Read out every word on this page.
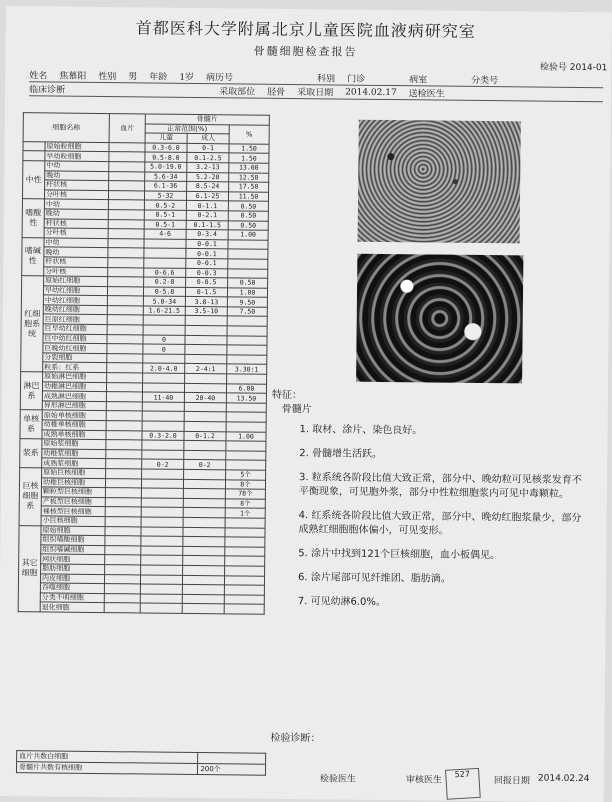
首都医科大学附属北京儿童医院血液病研究室
骨髓细胞检查报告
检验号 2014-01
姓名 焦慕阳 性别 男 年龄 1岁 病历号	科别 门诊	病室	分类号
临床诊断	采取部位 胫骨 采取日期 2014.02.17 送检医生
细胞名称		血片	骨髓片		
			正常范围(%)		%
			儿童	成人	
	原始粒细胞		0.3-6.0	0-1	1.50
	早幼粒细胞		0.5-8.0	0.1-2.5	1.50
中性	中幼		5.0-19.0	3.2-13	13.00
	晚幼		5.6-34	5.2-20	12.50
	杆状核		6.1-36	8.5-24	17.50
	分叶核		5-32	6.1-25	11.50
嗜酸性	中幼		0.5-2	0-1.1	0.50
	晚幼		0.5-1	0-2.1	0.50
	杆状核		0.5-1	0.1-1.5	0.50
	分叶核		4-6	0-3.4	1.00
嗜碱性	中幼			0-0.1	
	晚幼			0-0.1	
	杆状核			0-0.1	
	分叶核		0-6.6	0-0.3	
红细胞系统	原始红细胞		0.2-8	0-0.5	0.50
	早幼红细胞		0-5.8	0-1.5	1.00
	中幼红细胞		5.0-34	3.8-13	9.50
	晚幼红细胞		1.6-21.5	3.5-10	7.50
	巨原红细胞				
	巨早幼红细胞				
	巨中幼红细胞		0		
	巨晚幼红细胞		0		
	分裂细胞				
	粒系：红系		2.0-4.0	2-4:1	3.30:1
淋巴系	原始淋巴细胞				
	幼稚淋巴细胞				6.00
	成熟淋巴细胞		11-40	20-40	13.50
	异形淋巴细胞				
单核系	原始单核细胞				
	幼稚单核细胞				
	成熟单核细胞		0.3-2.0	0-1.2	1.00
浆系	原始浆细胞				
	幼稚浆细胞				
	成熟浆细胞		0-2	0-2	
巨核细胞系	原始巨核细胞				5个
	幼稚巨核细胞				8个
	颗粒型巨核细胞				78个
	产板型巨核细胞				8个
	裸核型巨核细胞				1个
	小巨核细胞				
其它细胞	原始细胞				
	组织嗜酸细胞				
	组织嗜碱细胞				
	网状细胞				
	脂肪细胞				
	内皮细胞				
	吞噬细胞				
	分类不明细胞				
	退化细胞				
特征：
骨髓片

1. 取材、涂片、染色良好。

2. 骨髓增生活跃。

3. 粒系统各阶段比值大致正常，部分中、晚幼粒可见核浆发育不平衡现象，可见胞外浆，部分中性粒细胞浆内可见中毒颗粒。

4. 红系统各阶段比值大致正常，部分中、晚幼红胞浆量少，部分成熟红细胞胞体偏小，可见变形。

5. 涂片中找到121个巨核细胞，血小板偶见。

6. 涂片尾部可见纤维团、脂肪滴。

7. 可见幼淋6.0%。

检验诊断：
血片共数白细胞	
骨髓片共数有核细胞	200个
检验医生	审核医生
527
回报日期 2014.02.24
